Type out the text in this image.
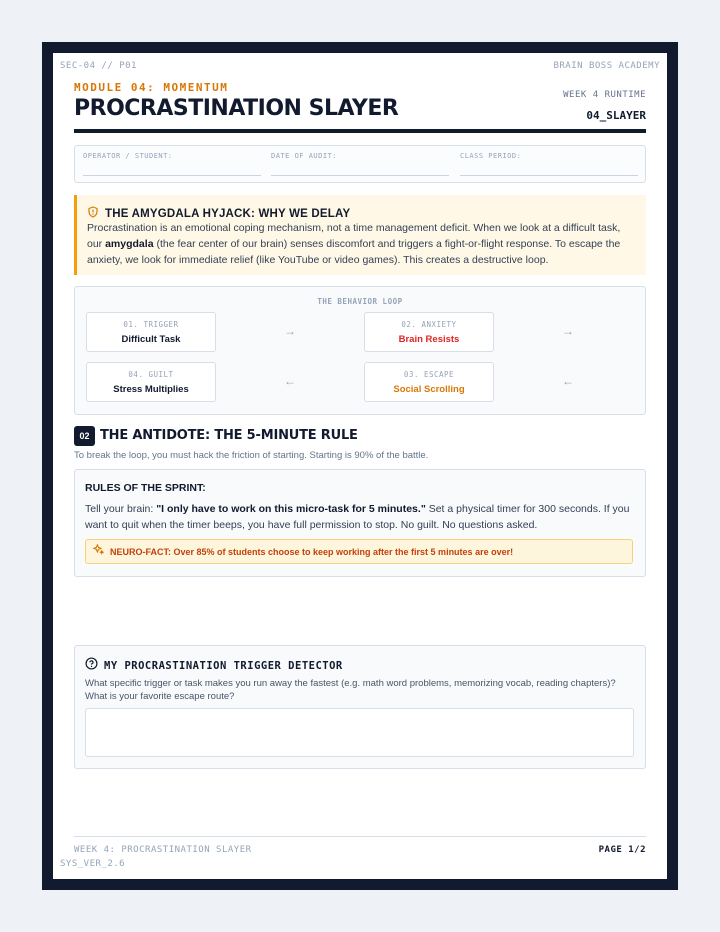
SEC-04 // P01	BRAIN BOSS ACADEMY
MODULE 04: MOMENTUM
PROCRASTINATION SLAYER
WEEK 4 RUNTIME
04_SLAYER
OPERATOR / STUDENT:	DATE OF AUDIT:	CLASS PERIOD:
THE AMYGDALA HYJACK: WHY WE DELAY
Procrastination is an emotional coping mechanism, not a time management deficit. When we look at a difficult task, our amygdala (the fear center of our brain) senses discomfort and triggers a fight-or-flight response. To escape the anxiety, we look for immediate relief (like YouTube or video games). This creates a destructive loop.
THE BEHAVIOR LOOP
01. TRIGGER
Difficult Task
→	02. ANXIETY
Brain Resists
→
04. GUILT
Stress Multiplies
←	03. ESCAPE
Social Scrolling
←
02 THE ANTIDOTE: THE 5-MINUTE RULE
To break the loop, you must hack the friction of starting. Starting is 90% of the battle.
RULES OF THE SPRINT:
Tell your brain: "I only have to work on this micro-task for 5 minutes." Set a physical timer for 300 seconds. If you want to quit when the timer beeps, you have full permission to stop. No guilt. No questions asked.
NEURO-FACT: Over 85% of students choose to keep working after the first 5 minutes are over!
MY PROCRASTINATION TRIGGER DETECTOR
What specific trigger or task makes you run away the fastest (e.g. math word problems, memorizing vocab, reading chapters)? What is your favorite escape route?
WEEK 4: PROCRASTINATION SLAYER	PAGE 1/2
SYS_VER_2.6
